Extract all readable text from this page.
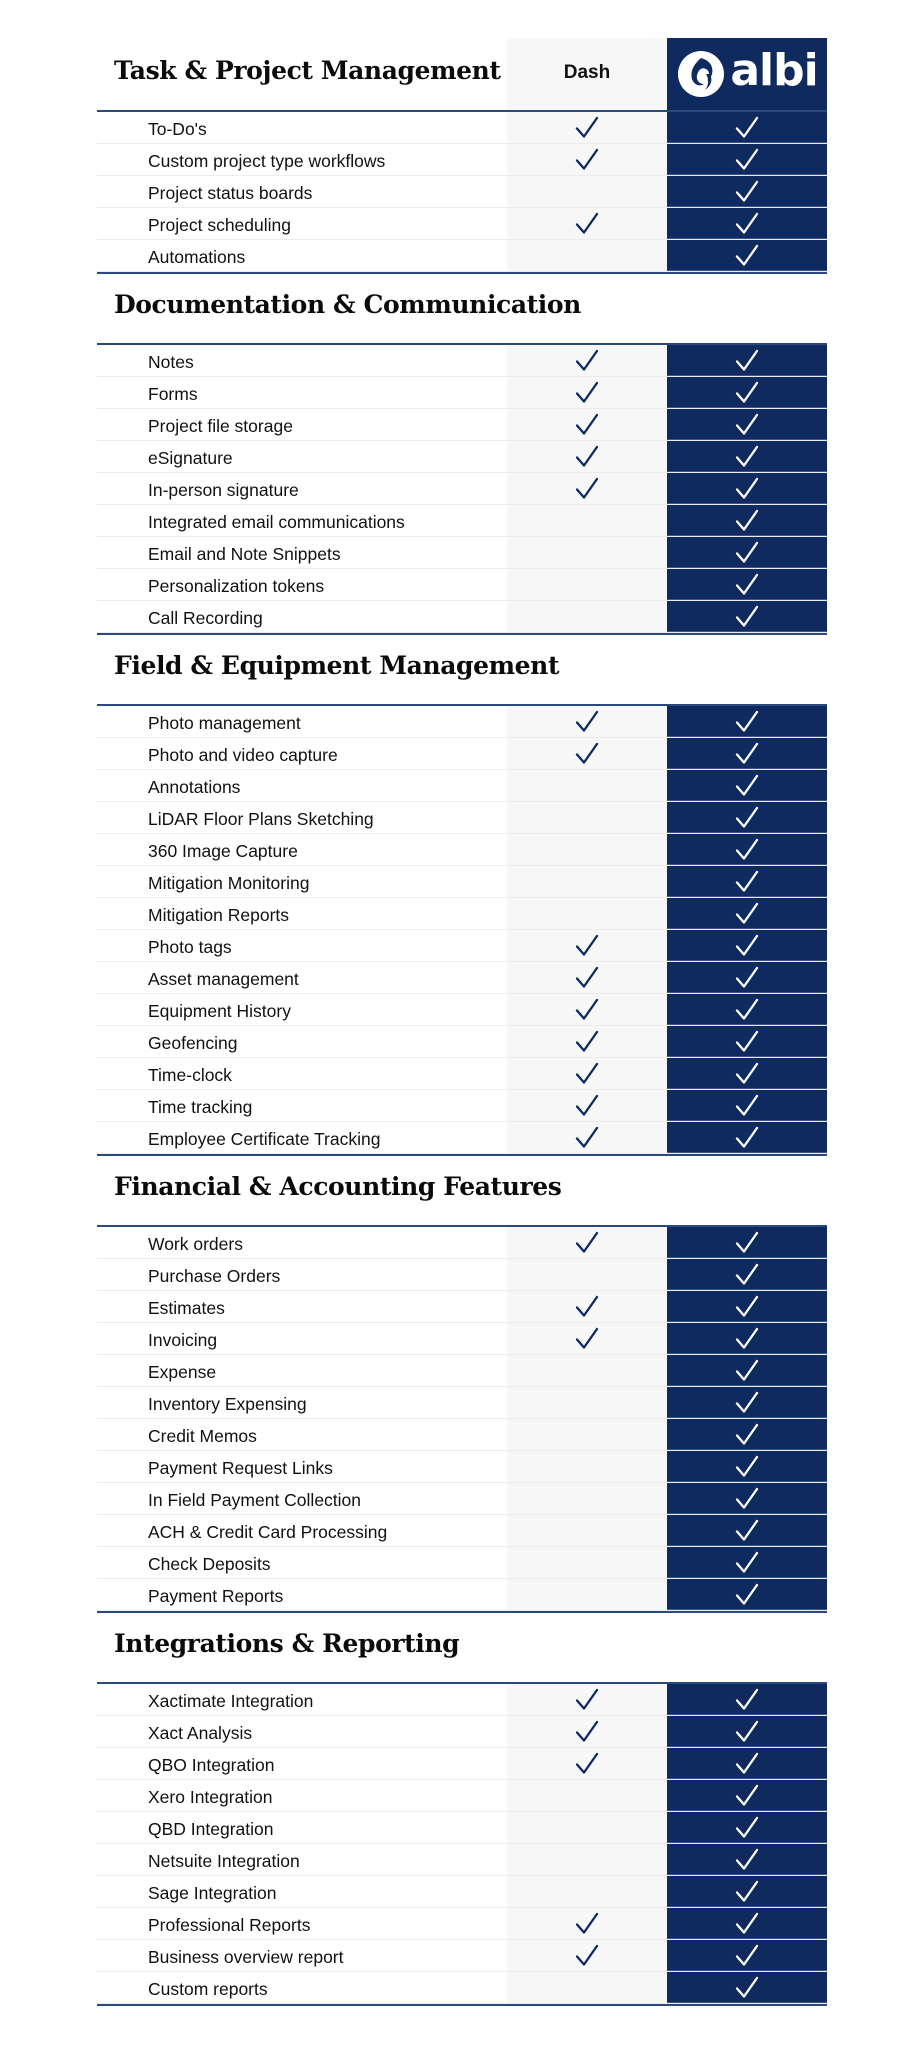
Task & Project Management	Dash	albi
To-Do's
Custom project type workflows
Project status boards
Project scheduling
Automations
Documentation & Communication
Notes
Forms
Project file storage
eSignature
In-person signature
Integrated email communications
Email and Note Snippets
Personalization tokens
Call Recording
Field & Equipment Management
Photo management
Photo and video capture
Annotations
LiDAR Floor Plans Sketching
360 Image Capture
Mitigation Monitoring
Mitigation Reports
Photo tags
Asset management
Equipment History
Geofencing
Time-clock
Time tracking
Employee Certificate Tracking
Financial & Accounting Features
Work orders
Purchase Orders
Estimates
Invoicing
Expense
Inventory Expensing
Credit Memos
Payment Request Links
In Field Payment Collection
ACH & Credit Card Processing
Check Deposits
Payment Reports
Integrations & Reporting
Xactimate Integration
Xact Analysis
QBO Integration
Xero Integration
QBD Integration
Netsuite Integration
Sage Integration
Professional Reports
Business overview report
Custom reports
